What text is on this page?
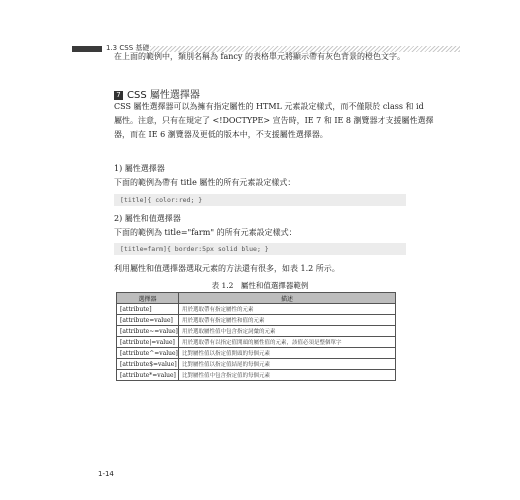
1.3 CSS 基礎

在上面的範例中，類別名稱為 fancy 的表格單元將顯示帶有灰色背景的橙色文字。

7 CSS 屬性選擇器

CSS 屬性選擇器可以為擁有指定屬性的 HTML 元素設定樣式，而不僅限於 class 和 id 屬性。注意，只有在規定了 <!DOCTYPE> 宣告時，IE 7 和 IE 8 瀏覽器才支援屬性選擇器，而在 IE 6 瀏覽器及更低的版本中，不支援屬性選擇器。

1) 屬性選擇器

下面的範例為帶有 title 屬性的所有元素設定樣式：

[title]{ color:red; }

2) 屬性和值選擇器

下面的範例為 title="farm" 的所有元素設定樣式：

[title=farm]{ border:5px solid blue; }

利用屬性和值選擇器選取元素的方法還有很多，如表 1.2 所示。

表 1.2　屬性和值選擇器範例
選擇器	描述
[attribute]	用於選取帶有指定屬性的元素
[attribute=value]	用於選取帶有指定屬性和值的元素
[attribute~=value]	用於選取屬性值中包含指定詞彙的元素
[attribute|=value]	用於選取帶有以指定值開頭的屬性值的元素，該值必須是整個單字
[attribute^=value]	比對屬性值以指定值開頭的每個元素
[attribute$=value]	比對屬性值以指定值結尾的每個元素
[attribute*=value]	比對屬性值中包含指定值的每個元素
1-14
